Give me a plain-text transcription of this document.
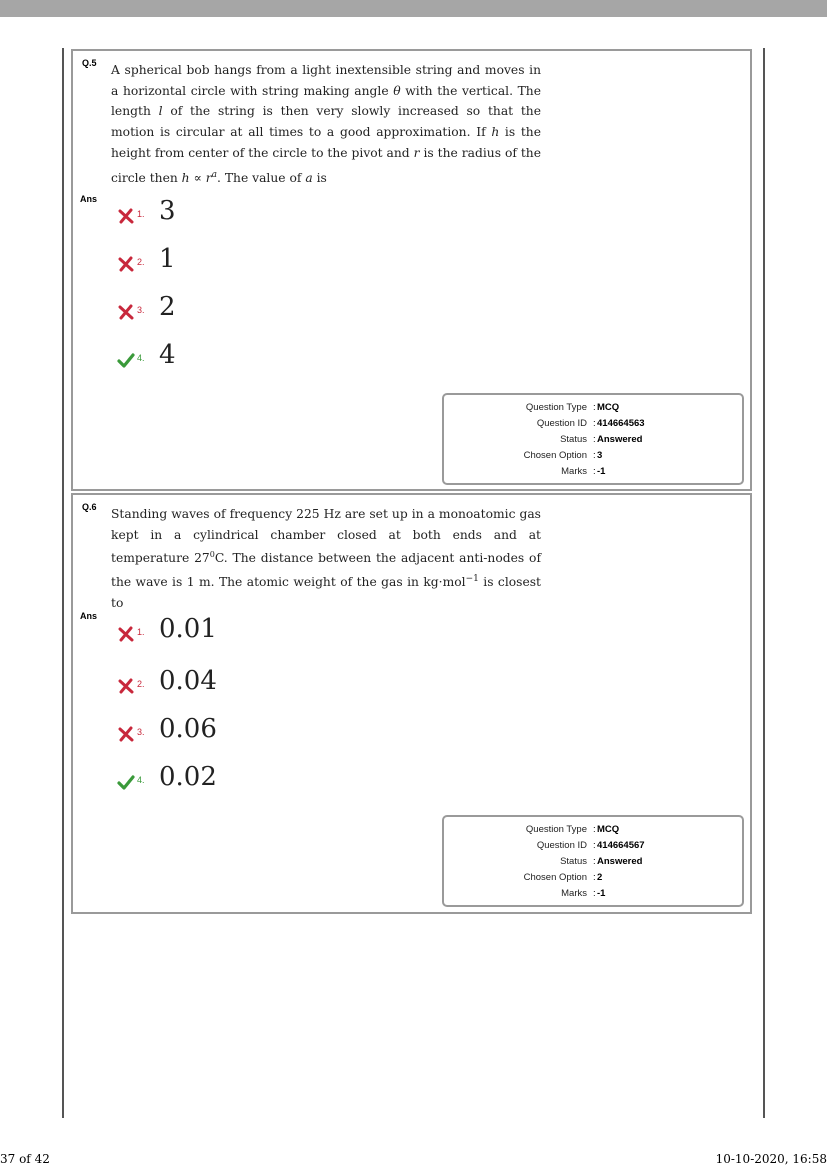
Q.5 A spherical bob hangs from a light inextensible string and moves in a horizontal circle with string making angle θ with the vertical. The length l of the string is then very slowly increased so that the motion is circular at all times to a good approximation. If h is the height from center of the circle to the pivot and r is the radius of the circle then $h \propto r^a$. The value of a is
Ans
1. 3
2. 1
3. 2
4. 4
Question Type : MCQ
Question ID : 414664563
Status : Answered
Chosen Option : 3
Marks : -1
Q.6 Standing waves of frequency 225 Hz are set up in a monoatomic gas kept in a cylindrical chamber closed at both ends and at temperature $27^0C$. The distance between the adjacent anti-nodes of the wave is 1 m. The atomic weight of the gas in kg·mol$^{-1}$ is closest to
Ans
1. 0.01
2. 0.04
3. 0.06
4. 0.02
Question Type : MCQ
Question ID : 414664567
Status : Answered
Chosen Option : 2
Marks : -1
37 of 42	10-10-2020, 16:58
